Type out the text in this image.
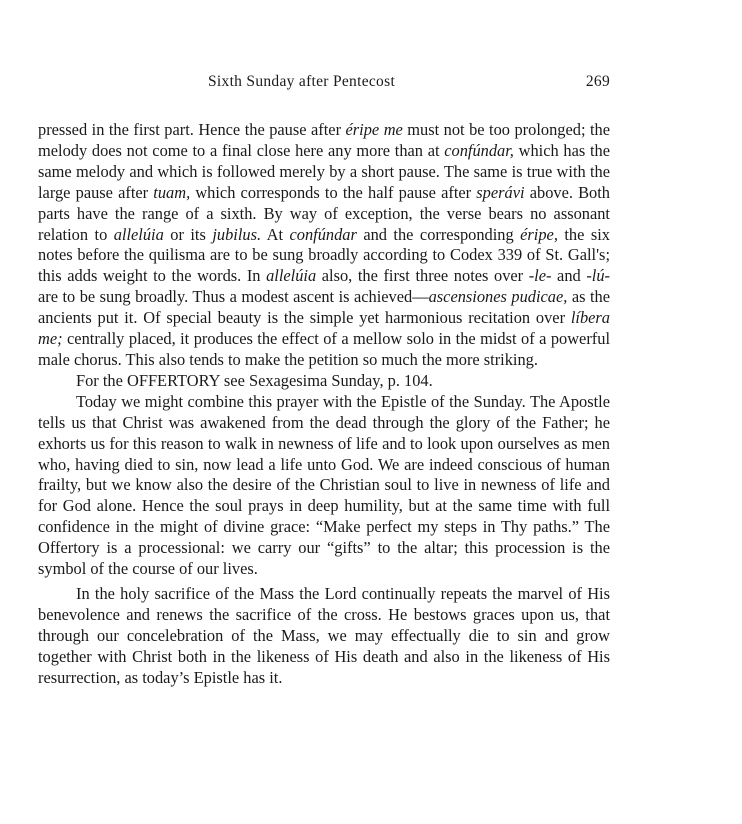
Sixth Sunday after Pentecost	269

pressed in the first part. Hence the pause after éripe me must not be too prolonged; the melody does not come to a final close here any more than at confúndar, which has the same melody and which is followed merely by a short pause. The same is true with the large pause after tuam, which corresponds to the half pause after sperávi above. Both parts have the range of a sixth. By way of exception, the verse bears no assonant relation to allelúia or its jubilus. At confúndar and the corresponding éripe, the six notes before the quilisma are to be sung broadly according to Codex 339 of St. Gall's; this adds weight to the words. In allelúia also, the first three notes over -le- and -lú- are to be sung broadly. Thus a modest ascent is achieved—ascensiones pudicae, as the ancients put it. Of special beauty is the simple yet harmonious recitation over líbera me; centrally placed, it produces the effect of a mellow solo in the midst of a powerful male chorus. This also tends to make the petition so much the more striking.

For the OFFERTORY see Sexagesima Sunday, p. 104.

Today we might combine this prayer with the Epistle of the Sunday. The Apostle tells us that Christ was awakened from the dead through the glory of the Father; he exhorts us for this reason to walk in newness of life and to look upon ourselves as men who, having died to sin, now lead a life unto God. We are indeed conscious of human frailty, but we know also the desire of the Christian soul to live in newness of life and for God alone. Hence the soul prays in deep humility, but at the same time with full confidence in the might of divine grace: “Make perfect my steps in Thy paths.” The Offertory is a processional: we carry our “gifts” to the altar; this procession is the symbol of the course of our lives.

In the holy sacrifice of the Mass the Lord continually repeats the marvel of His benevolence and renews the sacrifice of the cross. He bestows graces upon us, that through our concelebration of the Mass, we may effectually die to sin and grow together with Christ both in the likeness of His death and also in the likeness of His resurrection, as today’s Epistle has it.
